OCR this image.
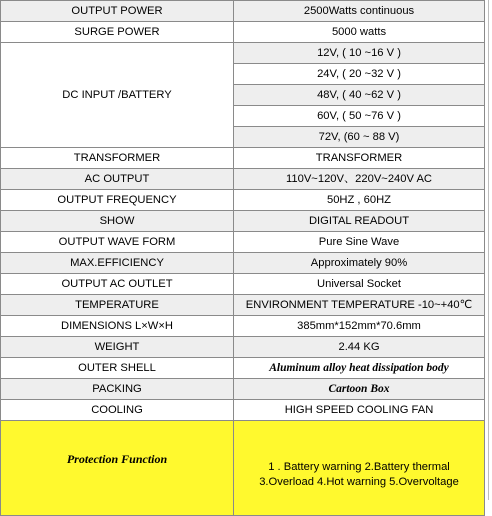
OUTPUT POWER	2500Watts continuous
SURGE POWER	5000 watts
DC INPUT /BATTERY	12V, ( 10 ~16 V )
	24V, ( 20 ~32 V )
	48V, ( 40 ~62 V )
	60V, ( 50 ~76 V )
	72V, (60 ~ 88 V)
TRANSFORMER	TRANSFORMER
AC OUTPUT	110V~120V、220V~240V AC
OUTPUT FREQUENCY	50HZ , 60HZ
SHOW	DIGITAL READOUT
OUTPUT WAVE FORM	Pure Sine Wave
MAX.EFFICIENCY	Approximately 90%
OUTPUT AC OUTLET	Universal Socket
TEMPERATURE	ENVIRONMENT TEMPERATURE -10~+40℃
DIMENSIONS L×W×H	385mm*152mm*70.6mm
WEIGHT	2.44 KG
OUTER SHELL	Aluminum alloy heat dissipation body
PACKING	Cartoon Box
COOLING	HIGH SPEED COOLING FAN
Protection Function	1 . Battery warning 2.Battery thermal
3.Overload 4.Hot warning 5.Overvoltage
